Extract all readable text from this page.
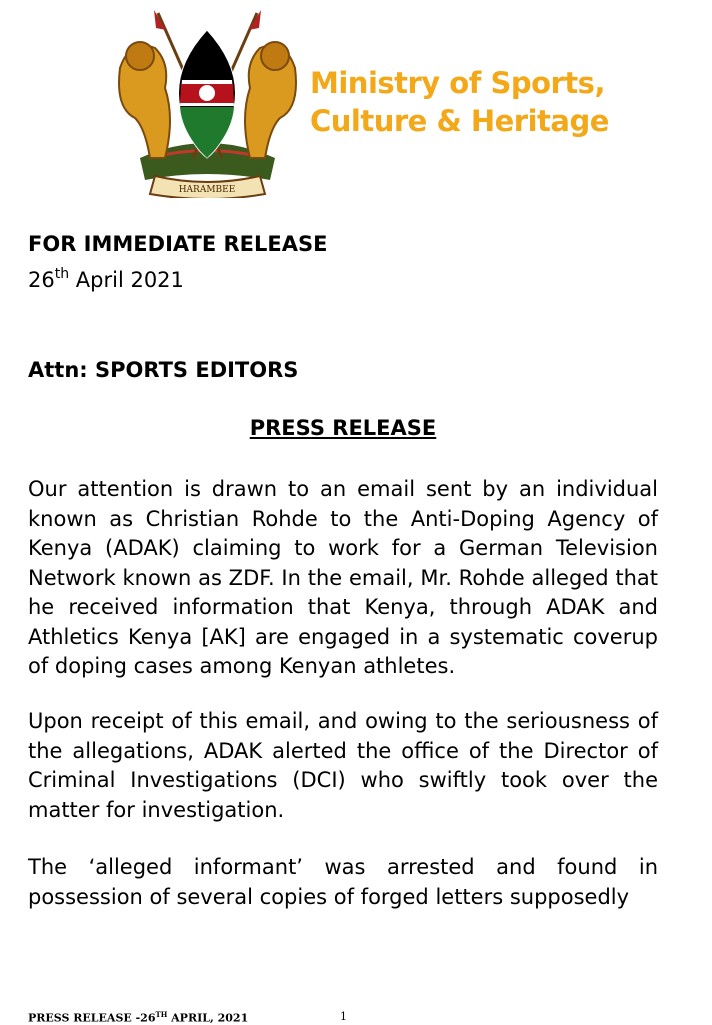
HARAMBEE
Ministry of Sports,
Culture & Heritage
FOR IMMEDIATE RELEASE
26th April 2021
Attn: SPORTS EDITORS
PRESS RELEASE

Our attention is drawn to an email sent by an individual known as Christian Rohde to the Anti-Doping Agency of Kenya (ADAK) claiming to work for a German Television Network known as ZDF. In the email, Mr. Rohde alleged that he received information that Kenya, through ADAK and Athletics Kenya [AK] are engaged in a systematic coverup of doping cases among Kenyan athletes.

Upon receipt of this email, and owing to the seriousness of the allegations, ADAK alerted the office of the Director of Criminal Investigations (DCI) who swiftly took over the matter for investigation.

The ‘alleged informant’ was arrested and found in possession of several copies of forged letters supposedly

PRESS RELEASE -26TH APRIL, 2021	1
